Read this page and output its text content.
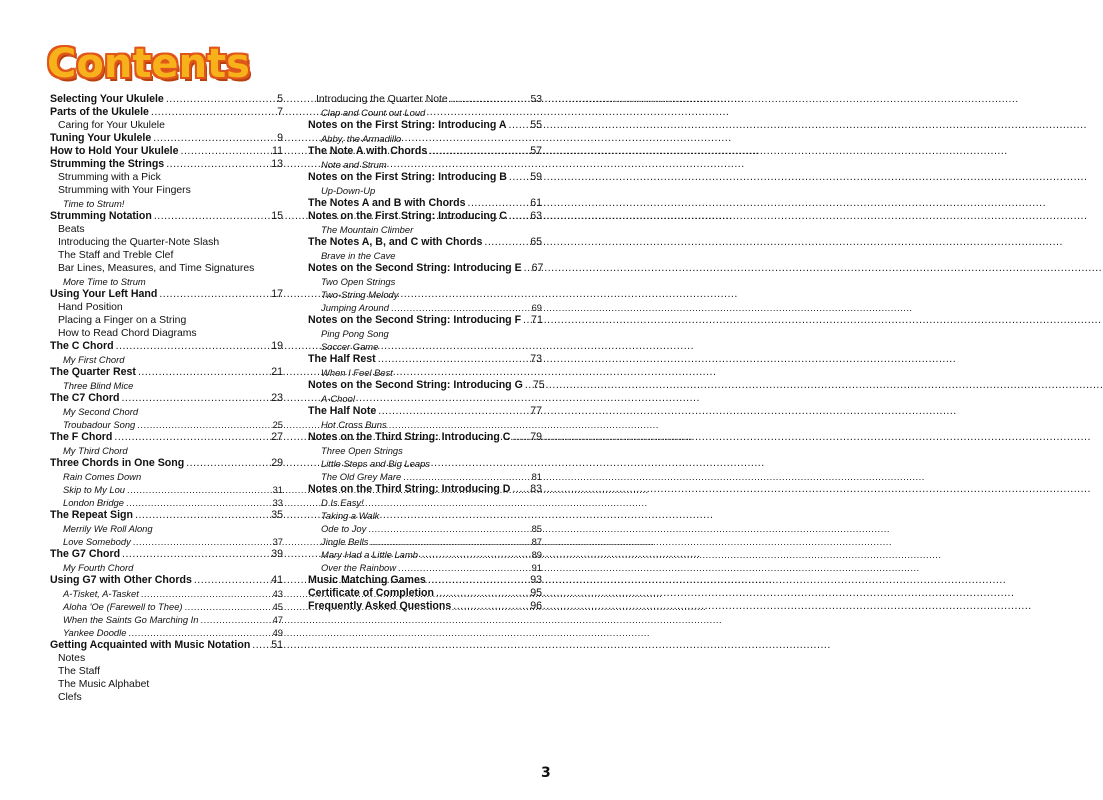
Contents
Selecting Your Ukulele .....	5
Parts of the Ukulele .....	7
Caring for Your Ukulele
Tuning Your Ukulele .....	9
How to Hold Your Ukulele .....	11
Strumming the Strings .....	13
Strumming with a Pick
Strumming with Your Fingers
Time to Strum!
Strumming Notation .....	15
Beats
Introducing the Quarter-Note Slash
The Staff and Treble Clef
Bar Lines, Measures, and Time Signatures
More Time to Strum
Using Your Left Hand .....	17
Hand Position
Placing a Finger on a String
How to Read Chord Diagrams
The C Chord .....	19
My First Chord
The Quarter Rest .....	21
Three Blind Mice
The C7 Chord .....	23
My Second Chord
Troubadour Song .....	25
The F Chord .....	27
My Third Chord
Three Chords in One Song .....	29
Rain Comes Down
Skip to My Lou .....	31
London Bridge .....	33
The Repeat Sign .....	35
Merrily We Roll Along
Love Somebody .....	37
The G7 Chord .....	39
My Fourth Chord
Using G7 with Other Chords .....	41
A-Tisket, A-Tasket .....	43
Aloha 'Oe (Farewell to Thee) .....	45
When the Saints Go Marching In .....	47
Yankee Doodle .....	49
Getting Acquainted with Music Notation ..... 51
Notes
The Staff
The Music Alphabet
Clefs
Introducing the Quarter Note .....	53
Clap and Count out Loud
Notes on the First String: Introducing A ..... 55
Abby, the Armadillo
The Note A with Chords .....	57
Note and Strum
Notes on the First String: Introducing B ..... 59
Up-Down-Up
The Notes A and B with Chords .....	61
Notes on the First String: Introducing C ..... 63
The Mountain Climber
The Notes A, B, and C with Chords .....	65
Brave in the Cave
Notes on the Second String: Introducing E ..... 67
Two Open Strings
Two-String Melody
Jumping Around .....	69
Notes on the Second String: Introducing F ..... 71
Ping Pong Song
Soccer Game
The Half Rest .....	73
When I Feel Best
Notes on the Second String: Introducing G ..... 75
A-Choo!
The Half Note .....	77
Hot Cross Buns
Notes on the Third String: Introducing C ..... 79
Three Open Strings
Little Steps and Big Leaps
The Old Grey Mare .....	81
Notes on the Third String: Introducing D ..... 83
D Is Easy!
Taking a Walk
Ode to Joy .....	85
Jingle Bells .....	87
Mary Had a Little Lamb .....	89
Over the Rainbow .....	91
Music Matching Games .....	93
Certificate of Completion .....	95
Frequently Asked Questions .....	96
3
